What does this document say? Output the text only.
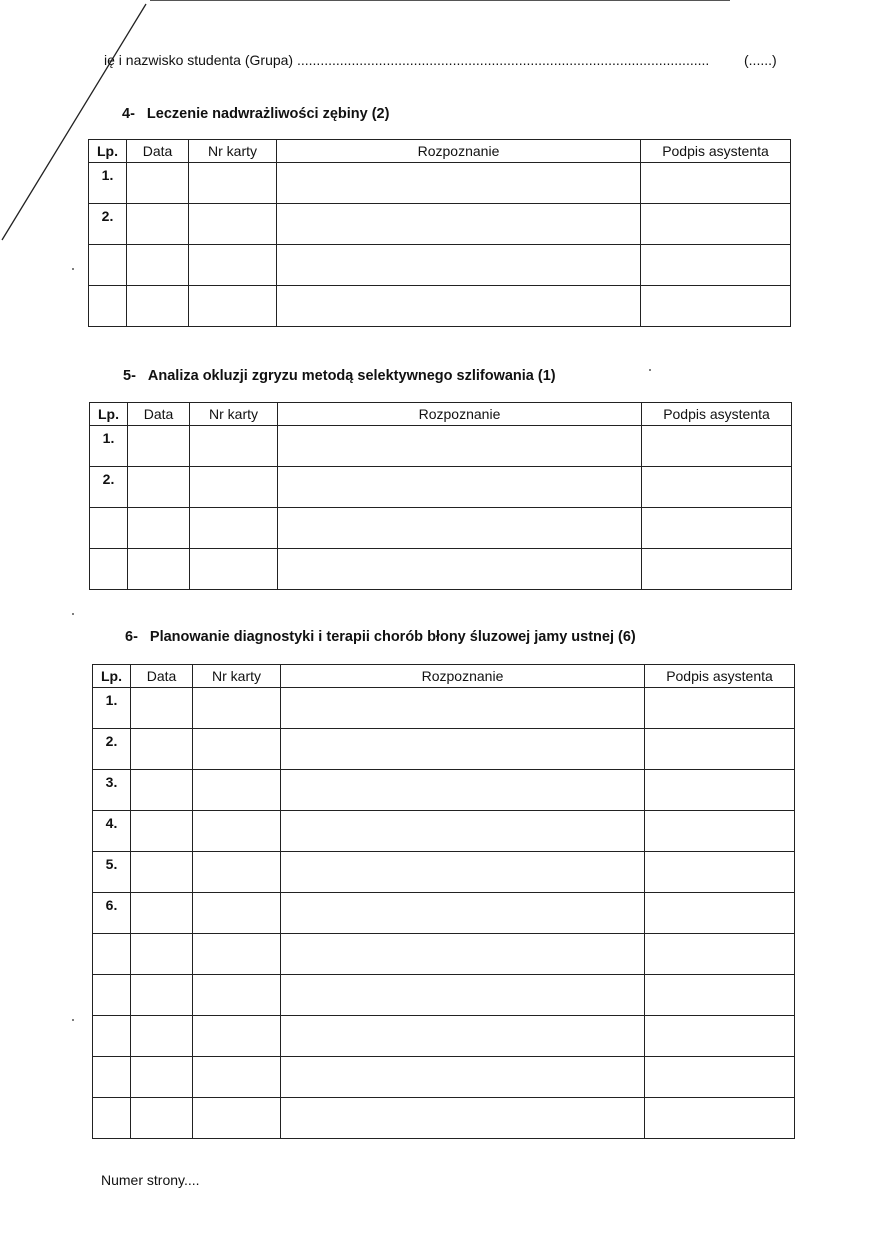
ię i nazwisko studenta (Grupa) .......................................................................................................... (......)
4- Leczenie nadwrażliwości zębiny (2)
Lp.	Data	Nr karty	Rozpoznanie	Podpis asystenta
1.				
2.				

5- Analiza okluzji zgryzu metodą selektywnego szlifowania (1)
Lp.	Data	Nr karty	Rozpoznanie	Podpis asystenta
1.				
2.				

6- Planowanie diagnostyki i terapii chorób błony śluzowej jamy ustnej (6)
Lp.	Data	Nr karty	Rozpoznanie	Podpis asystenta
1.				
2.				
3.				
4.				
5.				
6.				

Numer strony....
